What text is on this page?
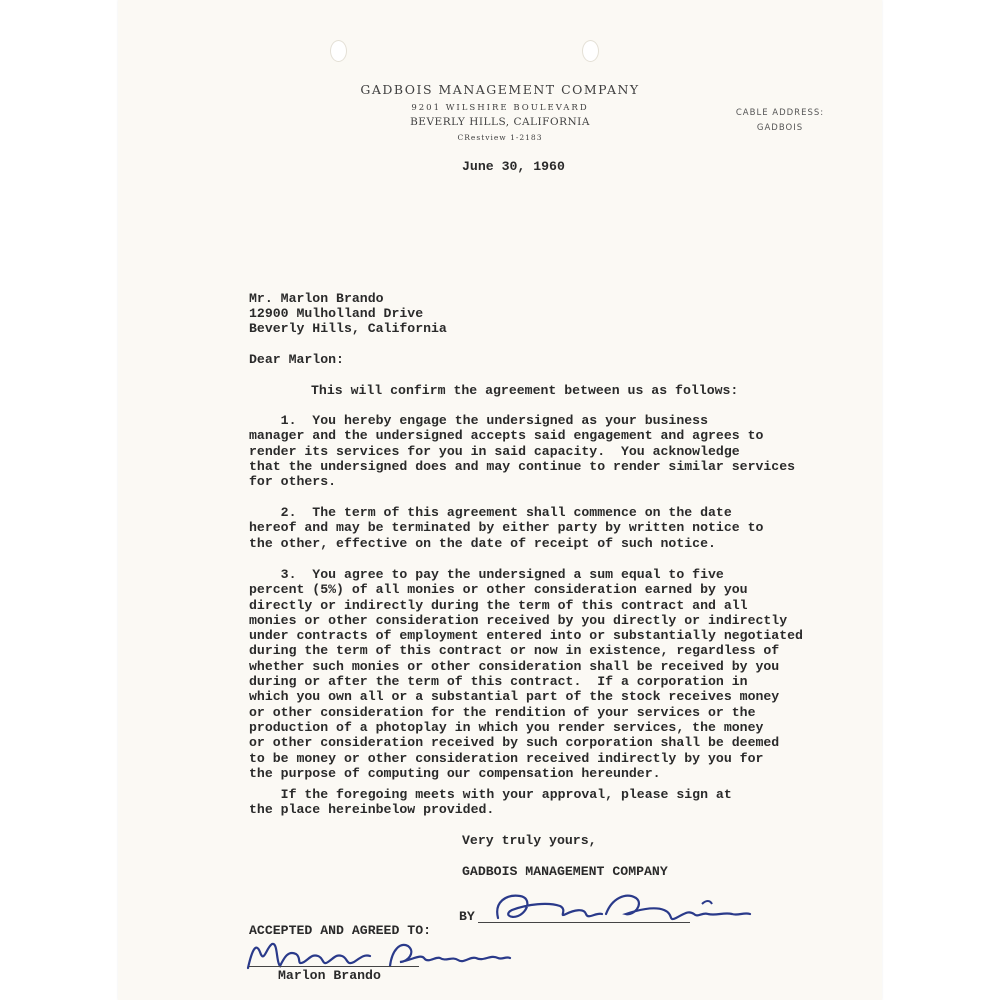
GADBOIS MANAGEMENT COMPANY
9201 WILSHIRE BOULEVARD
BEVERLY HILLS, CALIFORNIA
CRestview 1-2183
CABLE ADDRESS:
GADBOIS
June 30, 1960
Mr. Marlon Brando
12900 Mulholland Drive
Beverly Hills, California
Dear Marlon:
This will confirm the agreement between us as follows:
1.  You hereby engage the undersigned as your business
manager and the undersigned accepts said engagement and agrees to
render its services for you in said capacity.  You acknowledge
that the undersigned does and may continue to render similar services
for others.
2.  The term of this agreement shall commence on the date
hereof and may be terminated by either party by written notice to
the other, effective on the date of receipt of such notice.
3.  You agree to pay the undersigned a sum equal to five
percent (5%) of all monies or other consideration earned by you
directly or indirectly during the term of this contract and all
monies or other consideration received by you directly or indirectly
under contracts of employment entered into or substantially negotiated
during the term of this contract or now in existence, regardless of
whether such monies or other consideration shall be received by you
during or after the term of this contract.  If a corporation in
which you own all or a substantial part of the stock receives money
or other consideration for the rendition of your services or the
production of a photoplay in which you render services, the money
or other consideration received by such corporation shall be deemed
to be money or other consideration received indirectly by you for
the purpose of computing our compensation hereunder.
If the foregoing meets with your approval, please sign at
the place hereinbelow provided.
Very truly yours,
GADBOIS MANAGEMENT COMPANY
BY
ACCEPTED AND AGREED TO:
Marlon Brando
